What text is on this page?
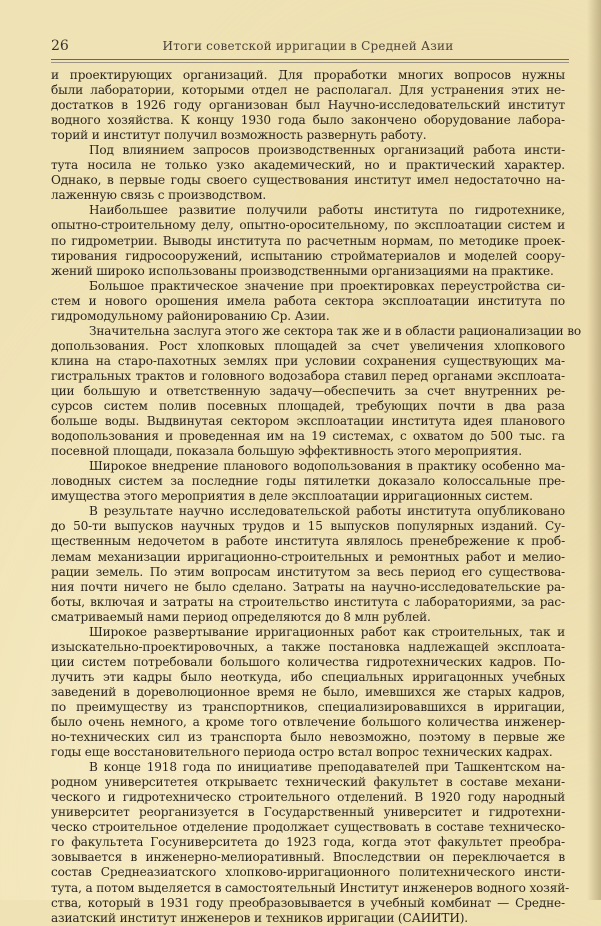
26	Итоги советской ирригации в Средней Азии
и проектирующих организаций. Для проработки многих вопросов нужны
были лаборатории, которыми отдел не располагал. Для устранения этих не-
достатков в 1926 году организован был Научно-исследовательский институт
водного хозяйства. К концу 1930 года было закончено оборудование лабора-
торий и институт получил возможность развернуть работу.
Под влиянием запросов производственных организаций работа инсти-
тута носила не только узко академический, но и практический характер.
Однако, в первые годы своего существования институт имел недостаточно на-
лаженную связь с производством.
Наибольшее развитие получили работы института по гидротехнике,
опытно-строительному делу, опытно-оросительному, по эксплоатации систем и
по гидрометрии. Выводы института по расчетным нормам, по методике проек-
тирования гидросооружений, испытанию стройматериалов и моделей соору-
жений широко использованы производственными организациями на практике.
Большое практическое значение при проектировках переустройства си-
стем и нового орошения имела работа сектора эксплоатации института по
гидромодульному районированию Ср. Азии.
Значительна заслуга этого же сектора так же и в области рационализации во
допользования. Рост хлопковых площадей за счет увеличения хлопкового
клина на старо-пахотных землях при условии сохранения существующих ма-
гистральных трактов и головного водозабора ставил перед органами эксплоата-
ции большую и ответственную задачу—обеспечить за счет внутренних ре-
сурсов систем полив посевных площадей, требующих почти в два раза
больше воды. Выдвинутая сектором эксплоатации института идея планового
водопользования и проведенная им на 19 системах, с охватом до 500 тыс. га
посевной площади, показала большую эффективность этого мероприятия.
Широкое внедрение планового водопользования в практику особенно ма-
ловодных систем за последние годы пятилетки доказало колоссальные пре-
имущества этого мероприятия в деле эксплоатации ирригационных систем.
В результате научно исследовательской работы института опубликовано
до 50-ти выпусков научных трудов и 15 выпусков популярных изданий. Су-
щественным недочетом в работе института являлось пренебрежение к проб-
лемам механизации ирригационно-строительных и ремонтных работ и мелио-
рации земель. По этим вопросам институтом за весь период его существова-
ния почти ничего не было сделано. Затраты на научно-исследовательские ра-
боты, включая и затраты на строительство института с лабораториями, за рас-
сматриваемый нами период определяются до 8 млн рублей.
Широкое развертывание ирригационных работ как строительных, так и
изыскательно-проектировочных, а также постановка надлежащей эксплоата-
ции систем потребовали большого количества гидротехнических кадров. По-
лучить эти кадры было неоткуда, ибо специальных ирригацонных учебных
заведений в дореволюционное время не было, имевшихся же старых кадров,
по преимуществу из транспортников, специализировавшихся в ирригации,
было очень немного, а кроме того отвлечение большого количества инженер-
но-технических сил из транспорта было невозможно, поэтому в первые же
годы еще восстановительного периода остро встал вопрос технических кадрах.
В конце 1918 года по инициативе преподавателей при Ташкентском на-
родном университетея открываетс технический факультет в составе механи-
ческого и гидротехническо строительного отделений. В 1920 году народный
университет реорганизуется в Государственный университет и гидротехни-
ческо строительное отделение продолжает существовать в составе техническо-
го факультета Госуниверситета до 1923 года, когда этот факультет преобра-
зовывается в инженерно-мелиоративный. Впоследствии он переключается в
состав Среднеазиатского хлопково-ирригационного политехнического инсти-
тута, а потом выделяется в самостоятельный Институт инженеров водного хозяй-
ства, который в 1931 году преобразовывается в учебный комбинат — Средне-
азиатский институт инженеров и техников ирригации (САИИТИ).
